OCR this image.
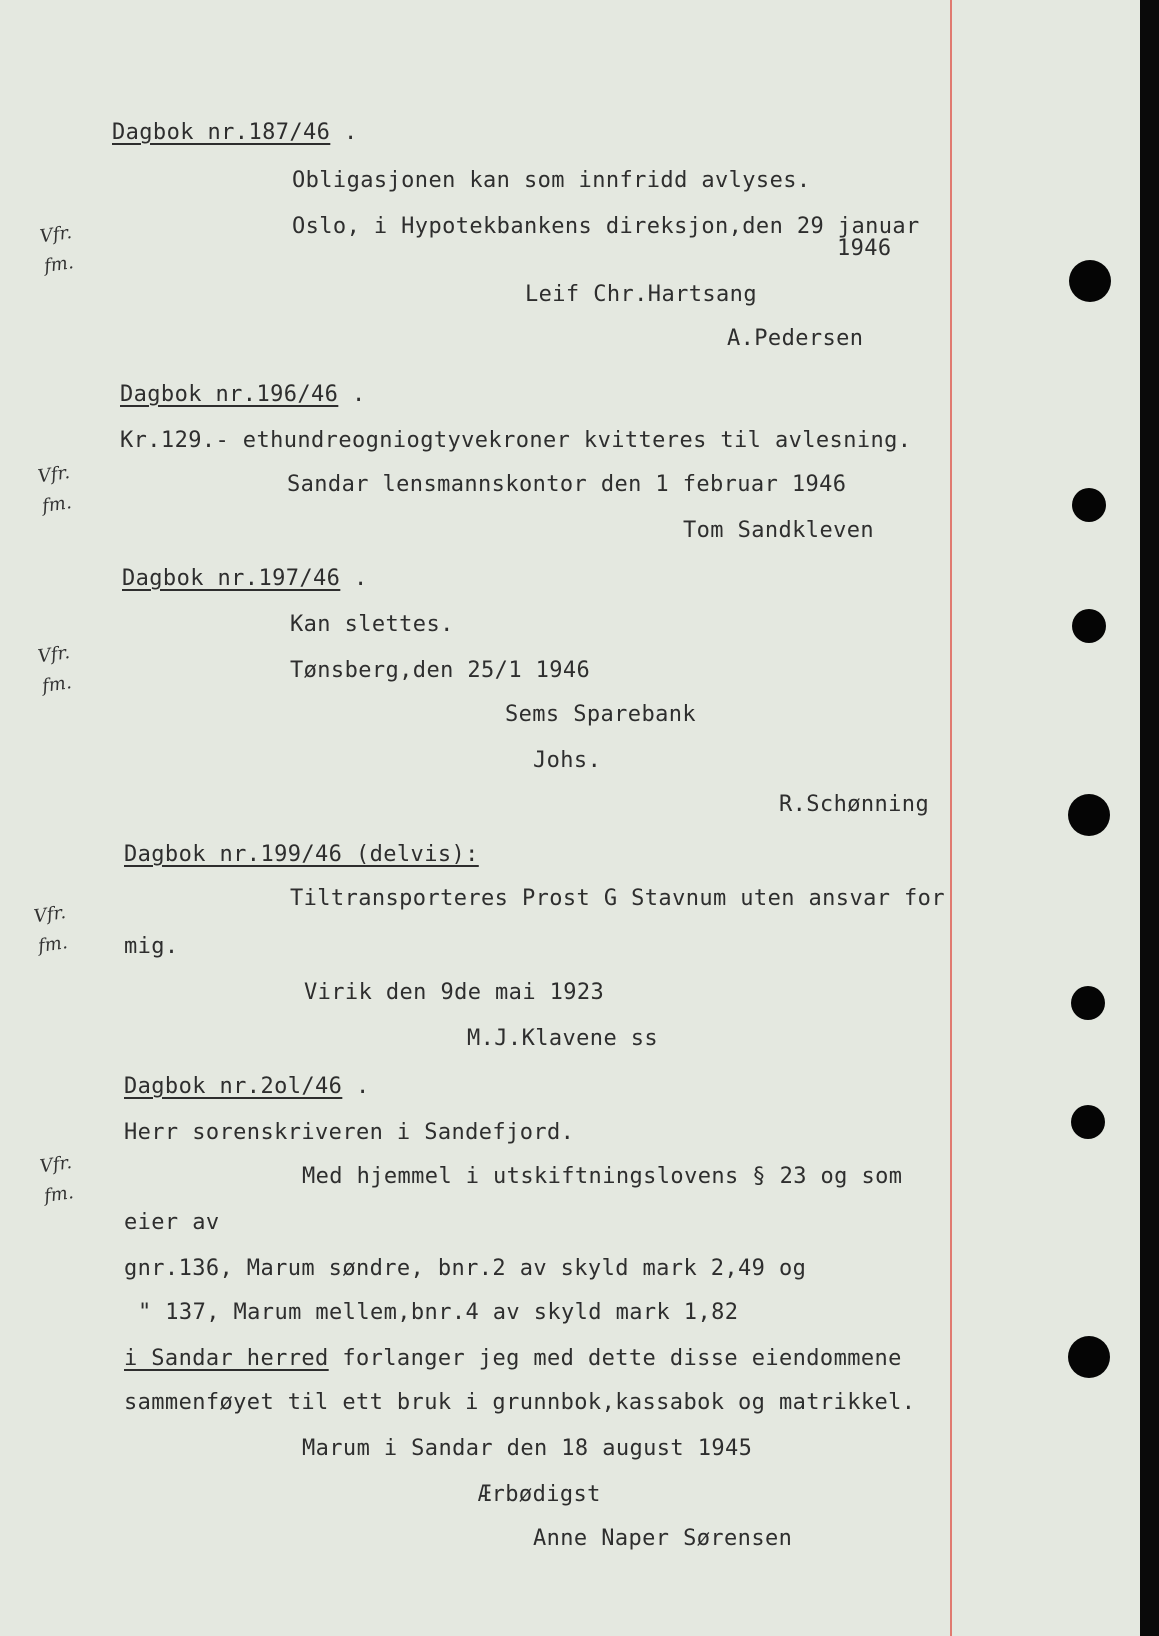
Dagbok nr.187/46 .
Obligasjonen kan som innfridd avlyses.
Oslo, i Hypotekbankens direksjon,den 29 januar
1946
Leif Chr.Hartsang
A.Pedersen
Dagbok nr.196/46 .
Kr.129.- ethundreogniogtyvekroner kvitteres til avlesning.
Sandar lensmannskontor den 1 februar 1946
Tom Sandkleven
Dagbok nr.197/46 .
Kan slettes.
Tønsberg,den 25/1 1946
Sems Sparebank
Johs.
R.Schønning
Dagbok nr.199/46 (delvis):
Tiltransporteres Prost G Stavnum uten ansvar for
mig.
Virik den 9de mai 1923
M.J.Klavene ss
Dagbok nr.2ol/46 .
Herr sorenskriveren i Sandefjord.
Med hjemmel i utskiftningslovens § 23 og som
eier av
gnr.136, Marum søndre, bnr.2 av skyld mark 2,49 og
" 137, Marum mellem,bnr.4 av skyld mark 1,82
i Sandar herred forlanger jeg med dette disse eiendommene
sammenføyet til ett bruk i grunnbok,kassabok og matrikkel.
Marum i Sandar den 18 august 1945
Ærbødigst
Anne Naper Sørensen
Vfr.
fm.
Vfr.
fm.
Vfr.
fm.
Vfr.
fm.
Vfr.
fm.
